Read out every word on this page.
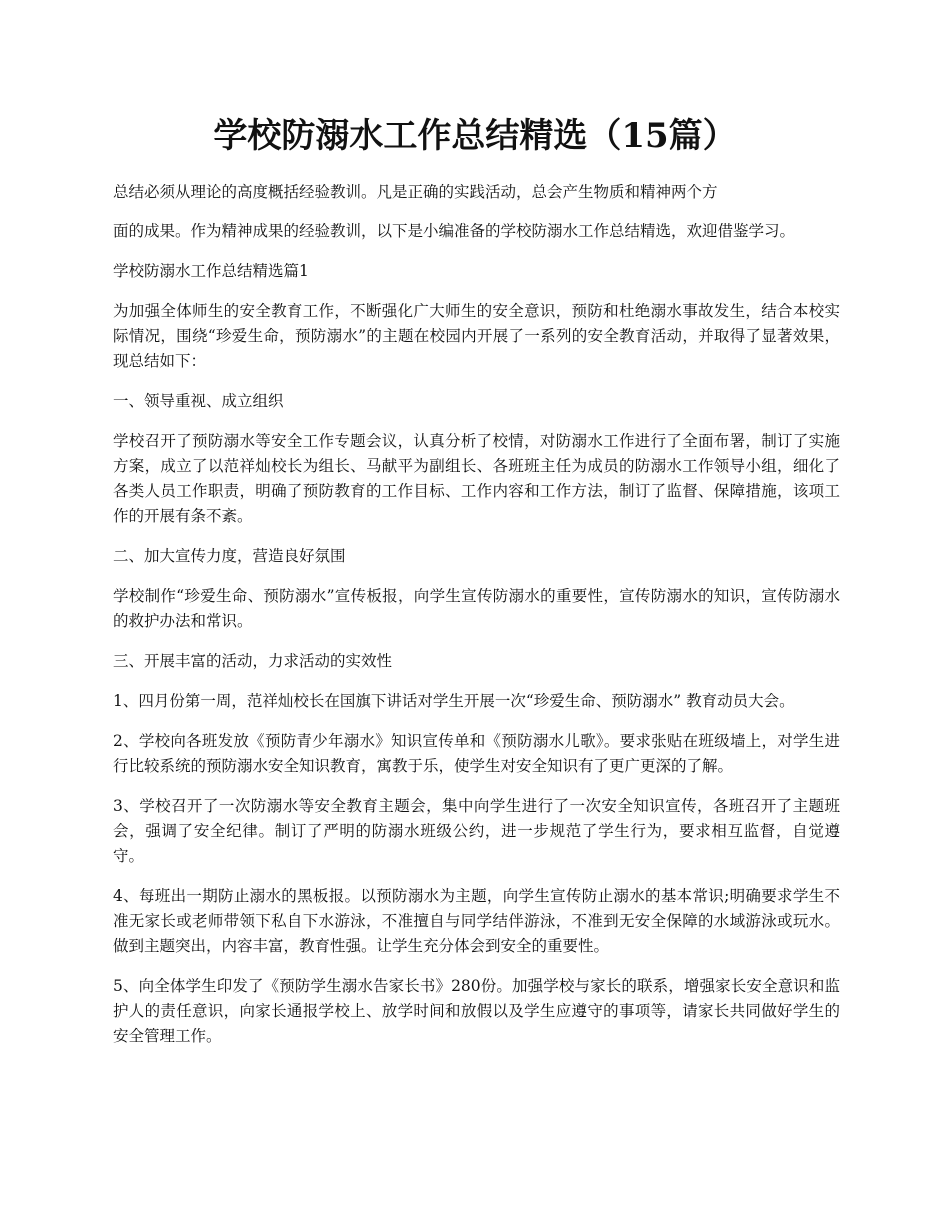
学校防溺水工作总结精选（15篇）

总结必须从理论的高度概括经验教训。凡是正确的实践活动，总会产生物质和精神两个方

面的成果。作为精神成果的经验教训，以下是小编准备的学校防溺水工作总结精选，欢迎借鉴学习。

学校防溺水工作总结精选篇1

为加强全体师生的安全教育工作，不断强化广大师生的安全意识，预防和杜绝溺水事故发生，结合本校实际情况，围绕“珍爱生命，预防溺水”的主题在校园内开展了一系列的安全教育活动，并取得了显著效果，现总结如下：

一、领导重视、成立组织

学校召开了预防溺水等安全工作专题会议，认真分析了校情，对防溺水工作进行了全面布署，制订了实施方案，成立了以范祥灿校长为组长、马献平为副组长、各班班主任为成员的防溺水工作领导小组，细化了各类人员工作职责，明确了预防教育的工作目标、工作内容和工作方法，制订了监督、保障措施，该项工作的开展有条不紊。

二、加大宣传力度，营造良好氛围

学校制作“珍爱生命、预防溺水”宣传板报，向学生宣传防溺水的重要性，宣传防溺水的知识，宣传防溺水的救护办法和常识。

三、开展丰富的活动，力求活动的实效性

1、四月份第一周，范祥灿校长在国旗下讲话对学生开展一次“珍爱生命、预防溺水” 教育动员大会。

2、学校向各班发放《预防青少年溺水》知识宣传单和《预防溺水儿歌》。要求张贴在班级墙上，对学生进行比较系统的预防溺水安全知识教育，寓教于乐，使学生对安全知识有了更广更深的了解。

3、学校召开了一次防溺水等安全教育主题会，集中向学生进行了一次安全知识宣传，各班召开了主题班会，强调了安全纪律。制订了严明的防溺水班级公约，进一步规范了学生行为，要求相互监督，自觉遵守。

4、每班出一期防止溺水的黑板报。以预防溺水为主题，向学生宣传防止溺水的基本常识;明确要求学生不准无家长或老师带领下私自下水游泳，不准擅自与同学结伴游泳，不准到无安全保障的水域游泳或玩水。做到主题突出，内容丰富，教育性强。让学生充分体会到安全的重要性。

5、向全体学生印发了《预防学生溺水告家长书》280份。加强学校与家长的联系，增强家长安全意识和监护人的责任意识，向家长通报学校上、放学时间和放假以及学生应遵守的事项等，请家长共同做好学生的安全管理工作。
